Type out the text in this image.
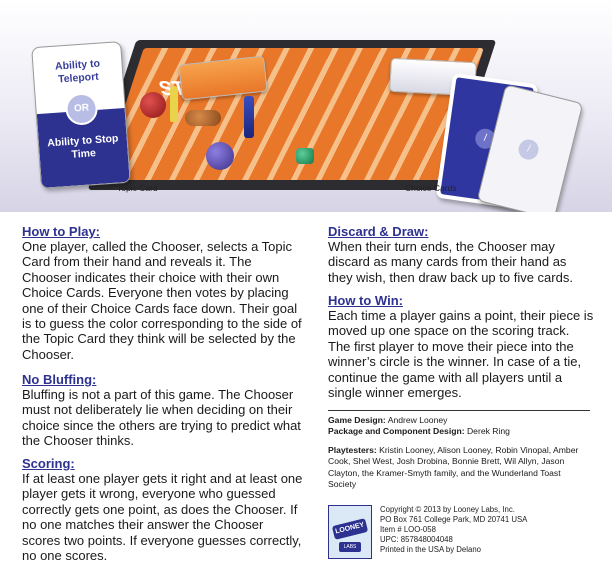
Ability to Teleport
OR
Ability to Stop Time
Topic Card
/
/
Choice Cards
How to Play:
One player, called the Chooser, selects a Topic Card from their hand and reveals it. The Chooser indicates their choice with their own Choice Cards. Everyone then votes by placing one of their Choice Cards face down. Their goal is to guess the color corresponding to the side of the Topic Card they think will be selected by the Chooser.
No Bluffing:
Bluffing is not a part of this game. The Chooser must not deliberately lie when deciding on their choice since the others are trying to predict what the Chooser thinks.
Scoring:
If at least one player gets it right and at least one player gets it wrong, everyone who guessed correctly gets one point, as does the Chooser. If no one matches their answer the Chooser scores two points. If everyone guesses correctly, no one scores.
Discard & Draw:
When their turn ends, the Chooser may discard as many cards from their hand as they wish, then draw back up to five cards.
How to Win:
Each time a player gains a point, their piece is moved up one space on the scoring track. The first player to move their piece into the winner’s circle is the winner. In case of a tie, continue the game with all players until a single winner emerges.
Game Design: Andrew Looney
Package and Component Design: Derek Ring
Playtesters: Kristin Looney, Alison Looney, Robin Vinopal, Amber Cook, Shel West, Josh Drobina, Bonnie Brett, Wil Allyn, Jason Clayton, the Kramer-Smyth family, and the Wunderland Toast Society
LOONEY
LABS
Copyright © 2013 by Looney Labs, Inc.
PO Box 761 College Park, MD 20741 USA
Item # LOO-058
UPC: 857848004048
Printed in the USA by Delano
